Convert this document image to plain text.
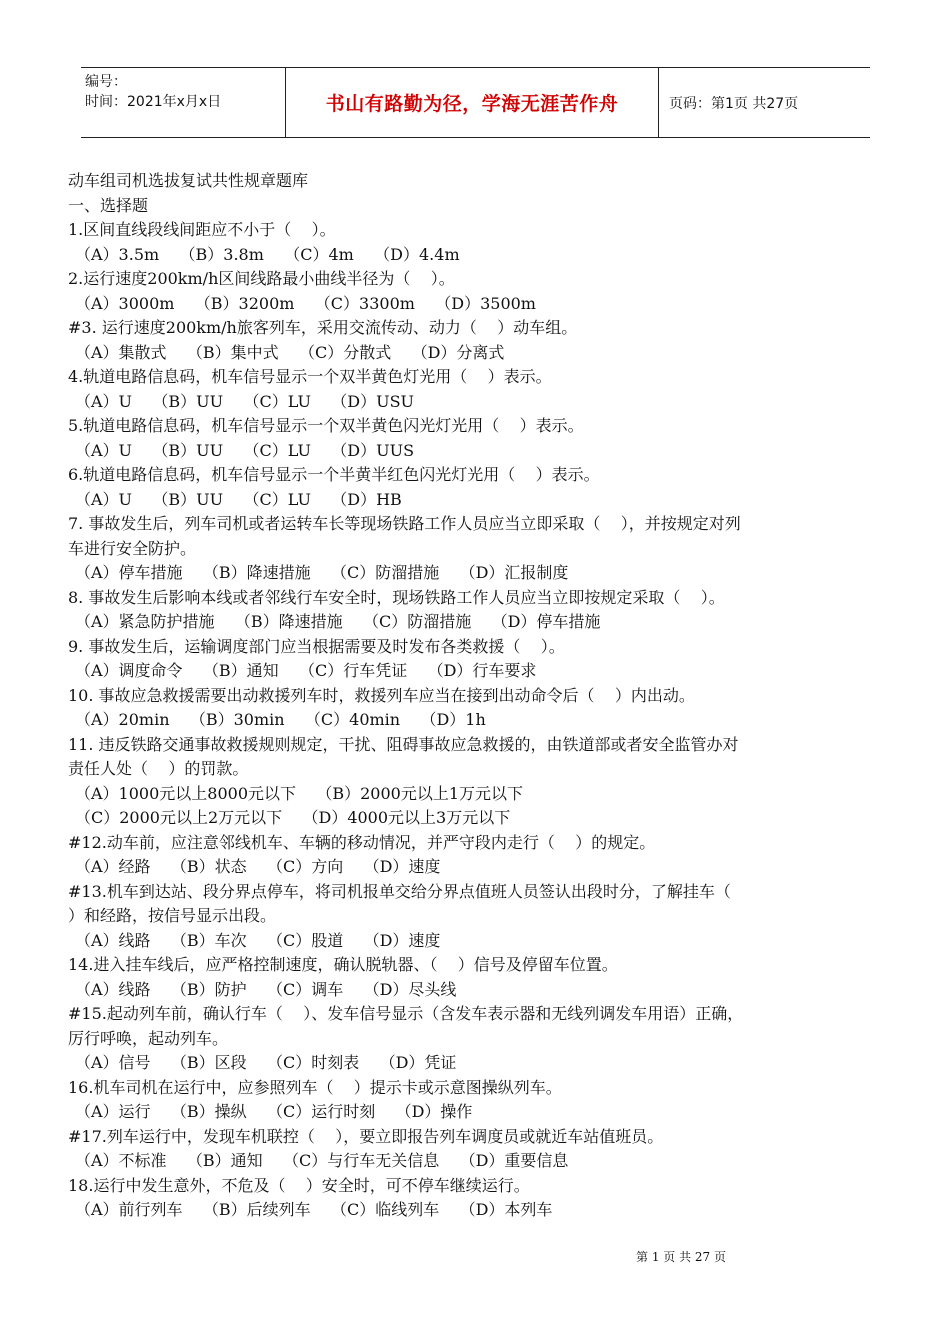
编号：
时间：2021年x月x日	书山有路勤为径，学海无涯苦作舟	页码：第1页 共27页
动车组司机选拔复试共性规章题库
一、选择题
1.区间直线段线间距应不小于（    ）。
（A）3.5m    （B）3.8m    （C）4m    （D）4.4m
2.运行速度200km/h区间线路最小曲线半径为（    ）。
（A）3000m    （B）3200m    （C）3300m    （D）3500m
#3. 运行速度200km/h旅客列车，采用交流传动、动力（    ）动车组。
（A）集散式    （B）集中式    （C）分散式    （D）分离式
4.轨道电路信息码，机车信号显示一个双半黄色灯光用（    ）表示。
（A）U    （B）UU    （C）LU    （D）USU
5.轨道电路信息码，机车信号显示一个双半黄色闪光灯光用（    ）表示。
（A）U    （B）UU    （C）LU    （D）UUS
6.轨道电路信息码，机车信号显示一个半黄半红色闪光灯光用（    ）表示。
（A）U    （B）UU    （C）LU    （D）HB
7. 事故发生后，列车司机或者运转车长等现场铁路工作人员应当立即采取（    ），并按规定对列
车进行安全防护。
（A）停车措施    （B）降速措施    （C）防溜措施    （D）汇报制度
8. 事故发生后影响本线或者邻线行车安全时，现场铁路工作人员应当立即按规定采取（    ）。
（A）紧急防护措施    （B）降速措施    （C）防溜措施    （D）停车措施
9. 事故发生后，运输调度部门应当根据需要及时发布各类救援（    ）。
（A）调度命令    （B）通知    （C）行车凭证    （D）行车要求
10. 事故应急救援需要出动救援列车时，救援列车应当在接到出动命令后（    ）内出动。
（A）20min    （B）30min    （C）40min    （D）1h
11. 违反铁路交通事故救援规则规定，干扰、阻碍事故应急救援的，由铁道部或者安全监管办对
责任人处（    ）的罚款。
（A）1000元以上8000元以下    （B）2000元以上1万元以下
（C）2000元以上2万元以下    （D）4000元以上3万元以下
#12.动车前，应注意邻线机车、车辆的移动情况，并严守段内走行（    ）的规定。
（A）经路    （B）状态    （C）方向    （D）速度
#13.机车到达站、段分界点停车，将司机报单交给分界点值班人员签认出段时分，了解挂车（
）和经路，按信号显示出段。
（A）线路    （B）车次    （C）股道    （D）速度
14.进入挂车线后，应严格控制速度，确认脱轨器、（    ）信号及停留车位置。
（A）线路    （B）防护    （C）调车    （D）尽头线
#15.起动列车前，确认行车（    ）、发车信号显示（含发车表示器和无线列调发车用语）正确，
厉行呼唤，起动列车。
（A）信号    （B）区段    （C）时刻表    （D）凭证
16.机车司机在运行中，应参照列车（    ）提示卡或示意图操纵列车。
（A）运行    （B）操纵    （C）运行时刻    （D）操作
#17.列车运行中，发现车机联控（    ），要立即报告列车调度员或就近车站值班员。
（A）不标准    （B）通知    （C）与行车无关信息    （D）重要信息
18.运行中发生意外，不危及（    ）安全时，可不停车继续运行。
（A）前行列车    （B）后续列车    （C）临线列车    （D）本列车
第 1 页 共 27 页
